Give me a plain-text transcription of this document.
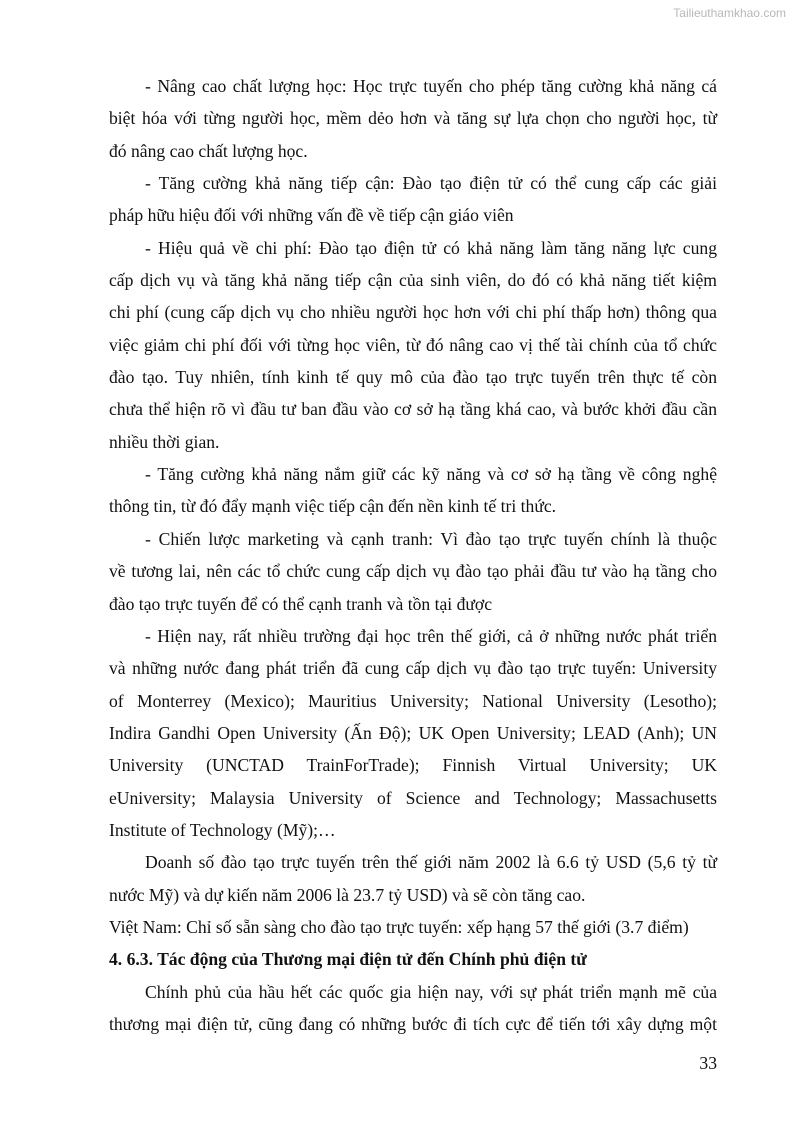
Tailieuthamkhao.com
- Nâng cao chất lượng học: Học trực tuyến cho phép tăng cường khả năng cá
biệt hóa với từng người học, mềm dẻo hơn và tăng sự lựa chọn cho người học, từ
đó nâng cao chất lượng học.
- Tăng cường khả năng tiếp cận: Đào tạo điện tử có thể cung cấp các giải
pháp hữu hiệu đối với những vấn đề về tiếp cận giáo viên
- Hiệu quả về chi phí: Đào tạo điện tử có khả năng làm tăng năng lực cung
cấp dịch vụ và tăng khả năng tiếp cận của sinh viên, do đó có khả năng tiết kiệm
chi phí (cung cấp dịch vụ cho nhiều người học hơn với chi phí thấp hơn) thông qua
việc giảm chi phí đối với từng học viên, từ đó nâng cao vị thế tài chính của tổ chức
đào tạo. Tuy nhiên, tính kinh tế quy mô của đào tạo trực tuyến trên thực tế còn
chưa thể hiện rõ vì đầu tư ban đầu vào cơ sở hạ tầng khá cao, và bước khởi đầu cần
nhiều thời gian.
- Tăng cường khả năng nắm giữ các kỹ năng và cơ sở hạ tầng về công nghệ
thông tin, từ đó đẩy mạnh việc tiếp cận đến nền kinh tế tri thức.
- Chiến lược marketing và cạnh tranh: Vì đào tạo trực tuyến chính là thuộc
về tương lai, nên các tổ chức cung cấp dịch vụ đào tạo phải đầu tư vào hạ tầng cho
đào tạo trực tuyến để có thể cạnh tranh và tồn tại được
- Hiện nay, rất nhiều trường đại học trên thế giới, cả ở những nước phát triển
và những nước đang phát triển đã cung cấp dịch vụ đào tạo trực tuyến: University
of Monterrey (Mexico); Mauritius University; National University (Lesotho);
Indira Gandhi Open University (Ấn Độ); UK Open University; LEAD (Anh); UN
University (UNCTAD TrainForTrade); Finnish Virtual University; UK
eUniversity; Malaysia University of Science and Technology; Massachusetts
Institute of Technology (Mỹ);…
Doanh số đào tạo trực tuyến trên thế giới năm 2002 là 6.6 tỷ USD (5,6 tỷ từ
nước Mỹ) và dự kiến năm 2006 là 23.7 tỷ USD) và sẽ còn tăng cao.
Việt Nam: Chỉ số sẵn sàng cho đào tạo trực tuyến: xếp hạng 57 thế giới (3.7 điểm)
4. 6.3. Tác động của Thương mại điện tử đến Chính phủ điện tử
Chính phủ của hầu hết các quốc gia hiện nay, với sự phát triển mạnh mẽ của
thương mại điện tử, cũng đang có những bước đi tích cực để tiến tới xây dựng một
33
